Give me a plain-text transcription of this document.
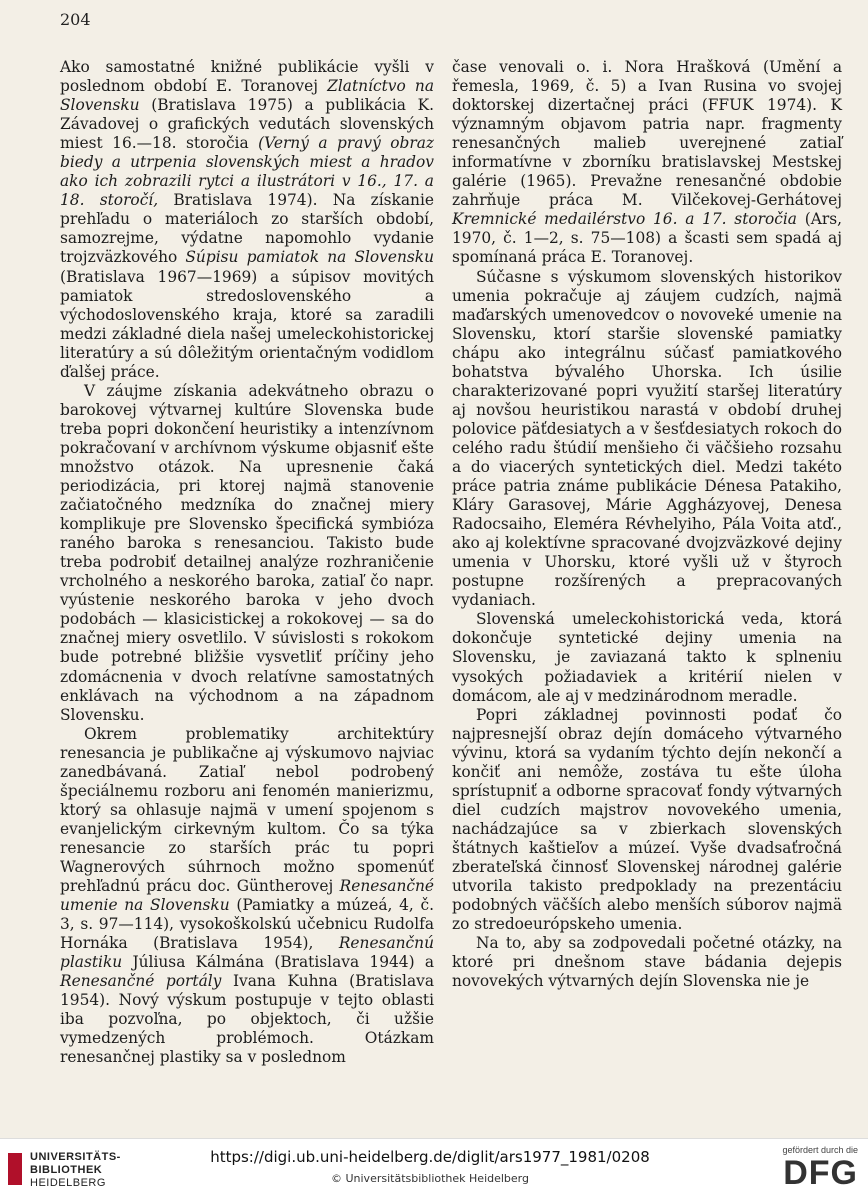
204

Ako samostatné knižné publikácie vyšli v poslednom období E. Toranovej Zlatníctvo na Slovensku (Bratislava 1975) a publikácia K. Závadovej o grafických vedutách slovenských miest 16.—18. storočia (Verný a pravý obraz biedy a utrpenia slovenských miest a hradov ako ich zobrazili rytci a ilustrátori v 16., 17. a 18. storočí, Bratislava 1974). Na získanie prehľadu o materiáloch zo starších období, samozrejme, výdatne napomohlo vydanie trojzväzkového Súpisu pamiatok na Slovensku (Bratislava 1967—1969) a súpisov movitých pamiatok stredoslovenského a východoslovenského kraja, ktoré sa zaradili medzi základné diela našej umeleckohistorickej literatúry a sú dôležitým orientačným vodidlom ďalšej práce.

V záujme získania adekvátneho obrazu o barokovej výtvarnej kultúre Slovenska bude treba popri dokončení heuristiky a intenzívnom pokračovaní v archívnom výskume objasniť ešte množstvo otázok. Na upresnenie čaká periodizácia, pri ktorej najmä stanovenie začiatočného medzníka do značnej miery komplikuje pre Slovensko špecifická symbióza raného baroka s renesanciou. Takisto bude treba podrobiť detailnej analýze rozhraničenie vrcholného a neskorého baroka, zatiaľ čo napr. vyústenie neskorého baroka v jeho dvoch podobách — klasicistickej a rokokovej — sa do značnej miery osvetlilo. V súvislosti s rokokom bude potrebné bližšie vysvetliť príčiny jeho zdomácnenia v dvoch relatívne samostatných enklávach na východnom a na západnom Slovensku.

Okrem problematiky architektúry renesancia je publikačne aj výskumovo najviac zanedbávaná. Zatiaľ nebol podrobený špeciálnemu rozboru ani fenomén manierizmu, ktorý sa ohlasuje najmä v umení spojenom s evanjelickým cirkevným kultom. Čo sa týka renesancie zo starších prác tu popri Wagnerových súhrnoch možno spomenúť prehľadnú prácu doc. Güntherovej Renesančné umenie na Slovensku (Pamiatky a múzeá, 4, č. 3, s. 97—114), vysokoškolskú učebnicu Rudolfa Hornáka (Bratislava 1954), Renesančnú plastiku Júliusa Kálmána (Bratislava 1944) a Renesančné portály Ivana Kuhna (Bratislava 1954). Nový výskum postupuje v tejto oblasti iba pozvoľna, po objektoch, či užšie vymedzených problémoch. Otázkam renesančnej plastiky sa v poslednom

čase venovali o. i. Nora Hrašková (Umění a řemesla, 1969, č. 5) a Ivan Rusina vo svojej doktorskej dizertačnej práci (FFUK 1974). K významným objavom patria napr. fragmenty renesančných malieb uverejnené zatiaľ informatívne v zborníku bratislavskej Mestskej galérie (1965). Prevažne renesančné obdobie zahrňuje práca M. Vilčekovej-Gerhátovej Kremnické medailérstvo 16. a 17. storočia (Ars, 1970, č. 1—2, s. 75—108) a šcasti sem spadá aj spomínaná práca E. Toranovej.

Súčasne s výskumom slovenských historikov umenia pokračuje aj záujem cudzích, najmä maďarských umenovedcov o novoveké umenie na Slovensku, ktorí staršie slovenské pamiatky chápu ako integrálnu súčasť pamiatkového bohatstva bývalého Uhorska. Ich úsilie charakterizované popri využití staršej literatúry aj novšou heuristikou narastá v období druhej polovice päťdesiatych a v šesťdesiatych rokoch do celého radu štúdií menšieho či väčšieho rozsahu a do viacerých syntetických diel. Medzi takéto práce patria známe publikácie Dénesa Patakiho, Kláry Garasovej, Márie Aggházyovej, Denesa Radocsaiho, Eleméra Révhelyiho, Pála Voita atď., ako aj kolektívne spracované dvojzväzkové dejiny umenia v Uhorsku, ktoré vyšli už v štyroch postupne rozšírených a prepracovaných vydaniach.

Slovenská umeleckohistorická veda, ktorá dokončuje syntetické dejiny umenia na Slovensku, je zaviazaná takto k splneniu vysokých požiadaviek a kritérií nielen v domácom, ale aj v medzinárodnom meradle.

Popri základnej povinnosti podať čo najpresnejší obraz dejín domáceho výtvarného vývinu, ktorá sa vydaním týchto dejín nekončí a končiť ani nemôže, zostáva tu ešte úloha sprístupniť a odborne spracovať fondy výtvarných diel cudzích majstrov novovekého umenia, nachádzajúce sa v zbierkach slovenských štátnych kaštieľov a múzeí. Vyše dvadsaťročná zberateľská činnosť Slovenskej národnej galérie utvorila takisto predpoklady na prezentáciu podobných väčších alebo menších súborov najmä zo stredoeurópskeho umenia.

Na to, aby sa zodpovedali početné otázky, na ktoré pri dnešnom stave bádania dejepis novovekých výtvarných dejín Slovenska nie je

UNIVERSITÄTS-
BIBLIOTHEK
HEIDELBERG
https://digi.ub.uni-heidelberg.de/diglit/ars1977_1981/0208
© Universitätsbibliothek Heidelberg
gefördert durch die
DFG
